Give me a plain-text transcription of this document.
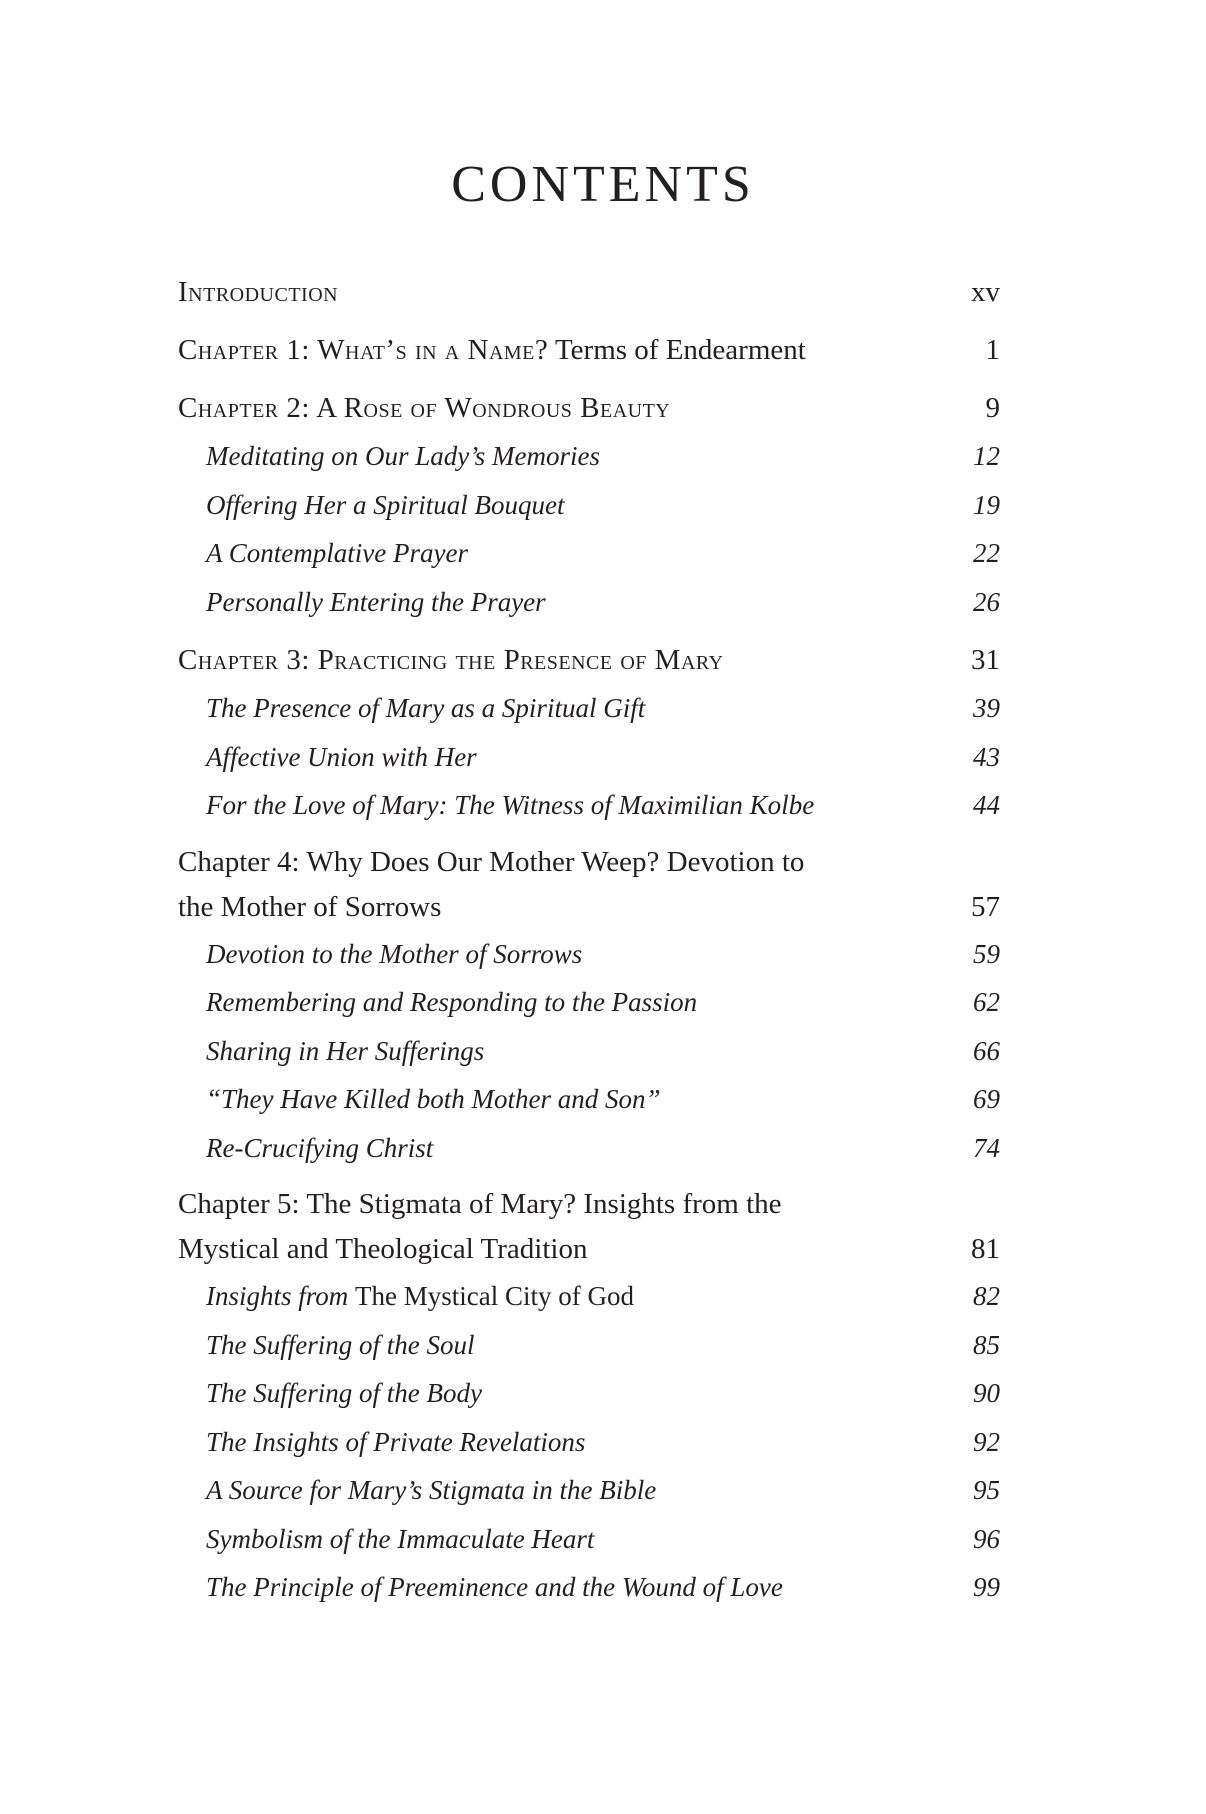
CONTENTS
Introduction	xv
Chapter 1: What’s in a Name? Terms of Endearment	1
Chapter 2: A Rose of Wondrous Beauty	9
Meditating on Our Lady’s Memories	12
Offering Her a Spiritual Bouquet	19
A Contemplative Prayer	22
Personally Entering the Prayer	26
Chapter 3: Practicing the Presence of Mary	31
The Presence of Mary as a Spiritual Gift	39
Affective Union with Her	43
For the Love of Mary: The Witness of Maximilian Kolbe	44
Chapter 4: Why Does Our Mother Weep? Devotion to
the Mother of Sorrows	57
Devotion to the Mother of Sorrows	59
Remembering and Responding to the Passion	62
Sharing in Her Sufferings	66
“They Have Killed both Mother and Son”	69
Re-Crucifying Christ	74
Chapter 5: The Stigmata of Mary? Insights from the
Mystical and Theological Tradition	81
Insights from The Mystical City of God	82
The Suffering of the Soul	85
The Suffering of the Body	90
The Insights of Private Revelations	92
A Source for Mary’s Stigmata in the Bible	95
Symbolism of the Immaculate Heart	96
The Principle of Preeminence and the Wound of Love	99
